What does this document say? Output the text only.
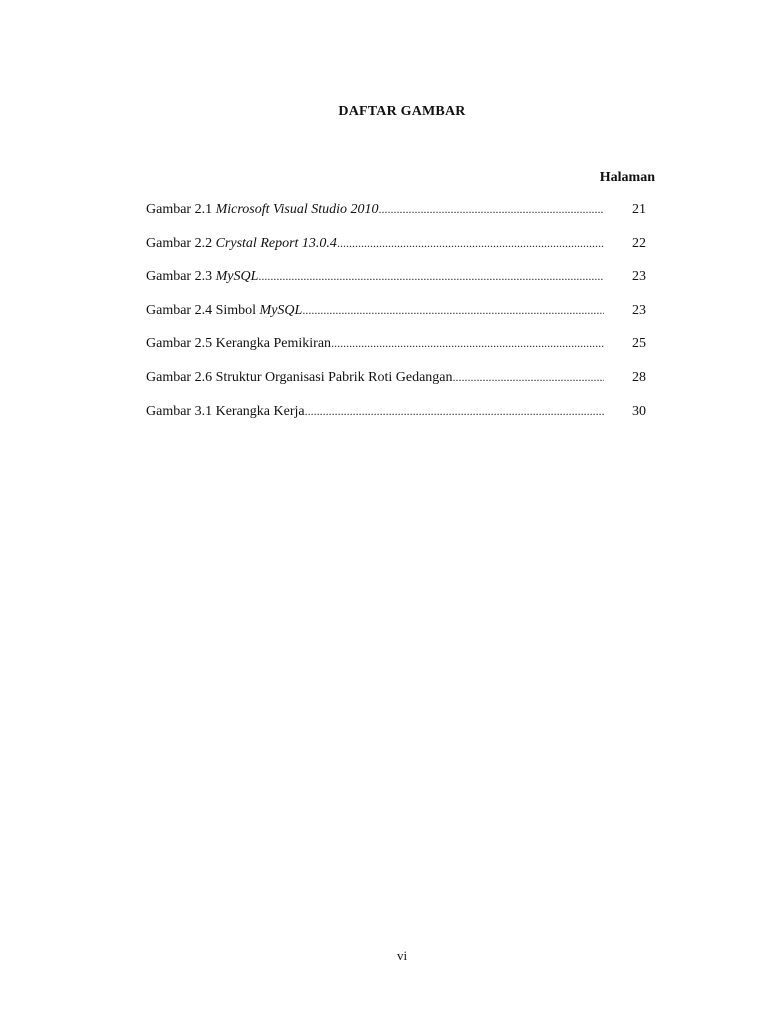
DAFTAR GAMBAR
Halaman
Gambar 2.1 Microsoft Visual Studio 2010 .....	21
Gambar 2.2 Crystal Report 13.0.4 .....	22
Gambar 2.3 MySQL .....	23
Gambar 2.4 Simbol MySQL .....	23
Gambar 2.5 Kerangka Pemikiran .....	25
Gambar 2.6 Struktur Organisasi Pabrik Roti Gedangan .....	28
Gambar 3.1 Kerangka Kerja .....	30
vi
